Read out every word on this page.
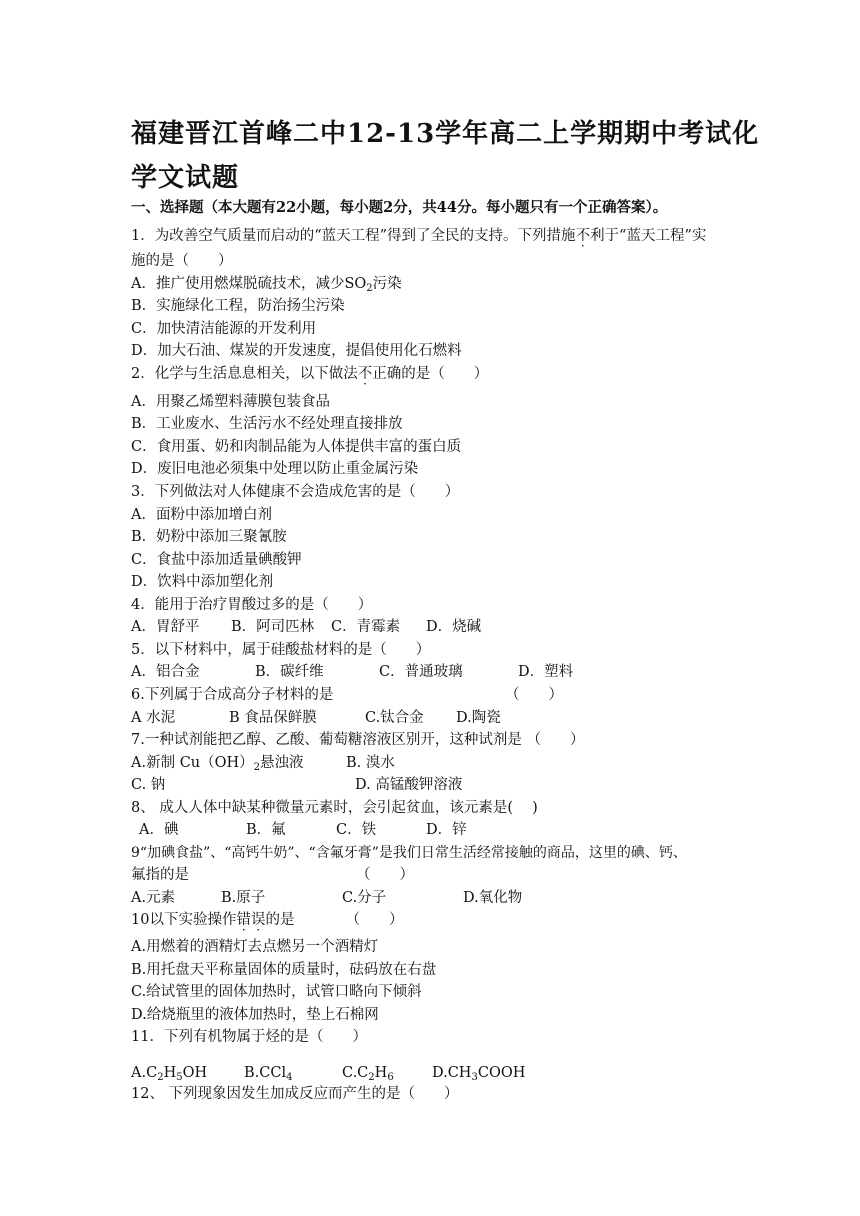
福建晋江首峰二中12-13学年高二上学期期中考试化学文试题
一、选择题（本大题有22小题，每小题2分，共44分。每小题只有一个正确答案）。
1．为改善空气质量而启动的“蓝天工程”得到了全民的支持。下列措施不利于“蓝天工程”实
施的是（　　）
A．推广使用燃煤脱硫技术，减少$SO_2$污染
B．实施绿化工程，防治扬尘污染
C．加快清洁能源的开发利用
D．加大石油、煤炭的开发速度，提倡使用化石燃料
2．化学与生活息息相关，以下做法不正确的是（　　）
A．用聚乙烯塑料薄膜包装食品
B．工业废水、生活污水不经处理直接排放
C．食用蛋、奶和肉制品能为人体提供丰富的蛋白质
D．废旧电池必须集中处理以防止重金属污染
3．下列做法对人体健康不会造成危害的是（　　）
A．面粉中添加增白剂
B．奶粉中添加三聚氰胺
C．食盐中添加适量碘酸钾
D．饮料中添加塑化剂
4．能用于治疗胃酸过多的是（　　）
A．胃舒平 B．阿司匹林 C．青霉素 D．烧碱
5．以下材料中，属于硅酸盐材料的是（　　）
A．铝合金	B．碳纤维	C．普通玻璃	D．塑料
6.下列属于合成高分子材料的是	（　　）
A 水泥	B 食品保鲜膜	C.钛合金 D.陶瓷
7.一种试剂能把乙醇、乙酸、葡萄糖溶液区别开，这种试剂是 （　　）
A.新制 $Cu(OH)_2$悬浊液	B. 溴水
C. 钠	D. 高锰酸钾溶液
8、 成人人体中缺某种微量元素时，会引起贫血，该元素是(　 )
A．碘	B．氟	C．铁	D．锌
9“加碘食盐”、“高钙牛奶”、“含氟牙膏”是我们日常生活经常接触的商品，这里的碘、钙、
氟指的是	（　　）
A.元素	B.原子	C.分子	D.氧化物
10以下实验操作错误的是	（　　）
A.用燃着的酒精灯去点燃另一个酒精灯
B.用托盘天平称量固体的质量时，砝码放在右盘
C.给试管里的固体加热时，试管口略向下倾斜
D.给烧瓶里的液体加热时，垫上石棉网
11．下列有机物属于烃的是（　　）
$A.C_2H_5OH$	B.CCl$_4$	$C.C_2H_6$	$D.CH_3COOH$
12、 下列现象因发生加成反应而产生的是（　　）
